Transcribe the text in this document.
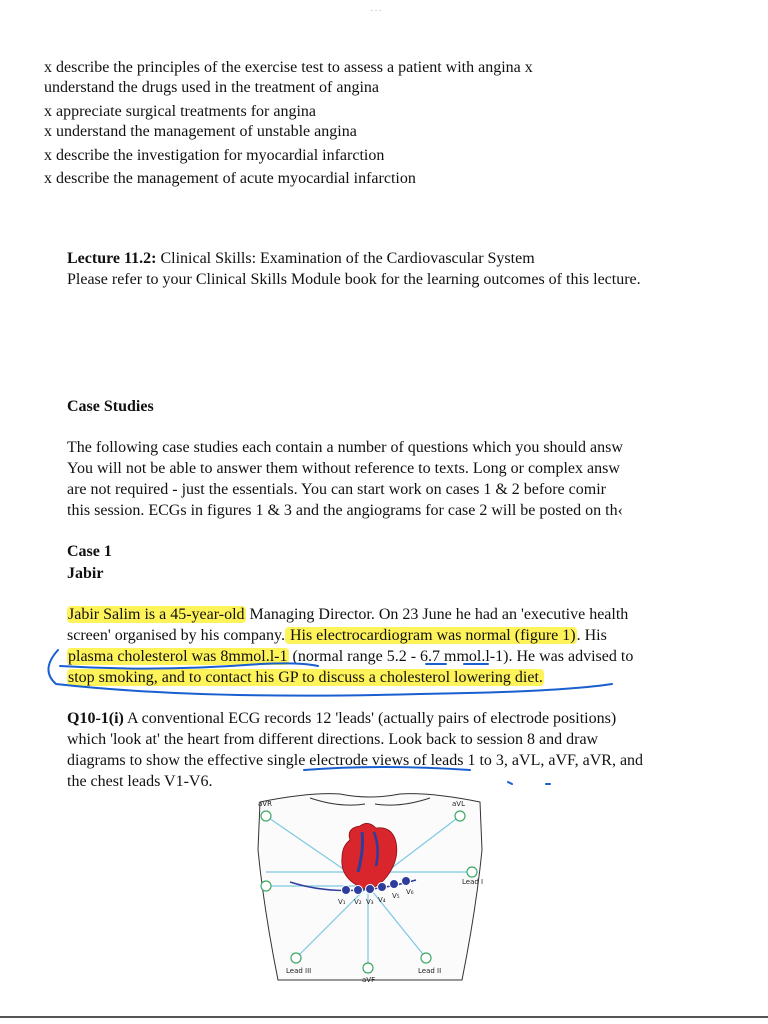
···
x describe the principles of the exercise test to assess a patient with angina x
understand the drugs used in the treatment of angina
x appreciate surgical treatments for angina
x understand the management of unstable angina
x describe the investigation for myocardial infarction
x describe the management of acute myocardial infarction
Lecture 11.2: Clinical Skills: Examination of the Cardiovascular System
Please refer to your Clinical Skills Module book for the learning outcomes of this lecture.
Case Studies
The following case studies each contain a number of questions which you should answ
You will not be able to answer them without reference to texts. Long or complex answ
are not required - just the essentials. You can start work on cases 1 & 2 before comir
this session. ECGs in figures 1 & 3 and the angiograms for case 2 will be posted on th‹
Case 1
Jabir
Jabir Salim is a 45-year-old Managing Director. On 23 June he had an 'executive health
screen' organised by his company. His electrocardiogram was normal (figure 1). His
plasma cholesterol was 8mmol.l-1 (normal range 5.2 - 6.7 mmol.l-1). He was advised to
stop smoking, and to contact his GP to discuss a cholesterol lowering diet.
Q10-1(i) A conventional ECG records 12 'leads' (actually pairs of electrode positions)
which 'look at' the heart from different directions. Look back to session 8 and draw
diagrams to show the effective single electrode views of leads 1 to 3, aVL, aVF, aVR, and
the chest leads V1-V6.
aVR	aVL
Lead I
Lead III
aVF
Lead II
V₁ V₂ V₃ V₄ V₅ V₆
